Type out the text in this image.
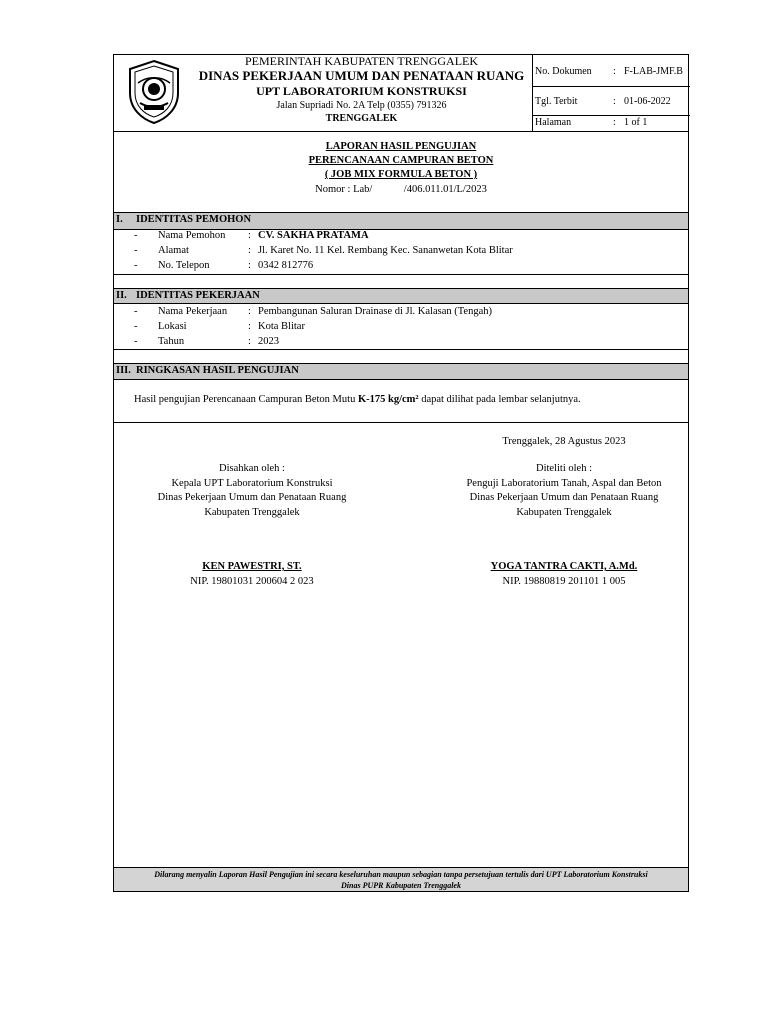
PEMERINTAH KABUPATEN TRENGGALEK
DINAS PEKERJAAN UMUM DAN PENATAAN RUANG
UPT LABORATORIUM KONSTRUKSI
Jalan Supriadi No. 2A Telp (0355) 791326
TRENGGALEK
No. Dokumen : F-LAB-JMF.B
Tgl. Terbit	: 01-06-2022
Halaman	: 1 of 1
LAPORAN HASIL PENGUJIAN
PERENCANAAN CAMPURAN BETON
( JOB MIX FORMULA BETON )
Nomor : Lab/            /406.011.01/L/2023
I. IDENTITAS PEMOHON
- Nama Pemohon : CV. SAKHA PRATAMA
- Alamat	: Jl. Karet No. 11 Kel. Rembang Kec. Sananwetan Kota Blitar
- No. Telepon	: 0342 812776
II. IDENTITAS PEKERJAAN
- Nama Pekerjaan : Pembangunan Saluran Drainase di Jl. Kalasan (Tengah)
- Lokasi	: Kota Blitar
- Tahun	: 2023
III. RINGKASAN HASIL PENGUJIAN
Hasil pengujian Perencanaan Campuran Beton Mutu K-175 kg/cm² dapat dilihat pada lembar selanjutnya.
Trenggalek, 28 Agustus 2023
Disahkan oleh :
Kepala UPT Laboratorium Konstruksi
Dinas Pekerjaan Umum dan Penataan Ruang
Kabupaten Trenggalek
KEN PAWESTRI, ST.
NIP. 19801031 200604 2 023
Diteliti oleh :
Penguji Laboratorium Tanah, Aspal dan Beton
Dinas Pekerjaan Umum dan Penataan Ruang
Kabupaten Trenggalek
YOGA TANTRA CAKTI, A.Md.
NIP. 19880819 201101 1 005
Dilarang menyalin Laporan Hasil Pengujian ini secara keseluruhan maupun sebagian tanpa persetujuan tertulis dari UPT Laboratorium Konstruksi
Dinas PUPR Kabupaten Trenggalek
